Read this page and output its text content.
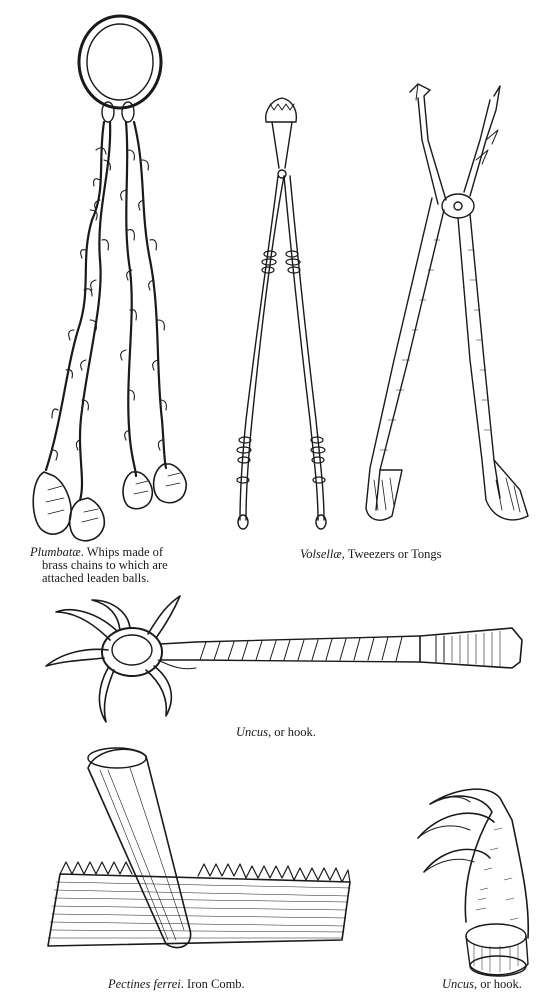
Plumbatæ. Whips made of
brass chains to which are
attached leaden balls.
Volsellæ, Tweezers or Tongs
Uncus, or hook.
Pectines ferrei. Iron Comb.	Uncus, or hook.
